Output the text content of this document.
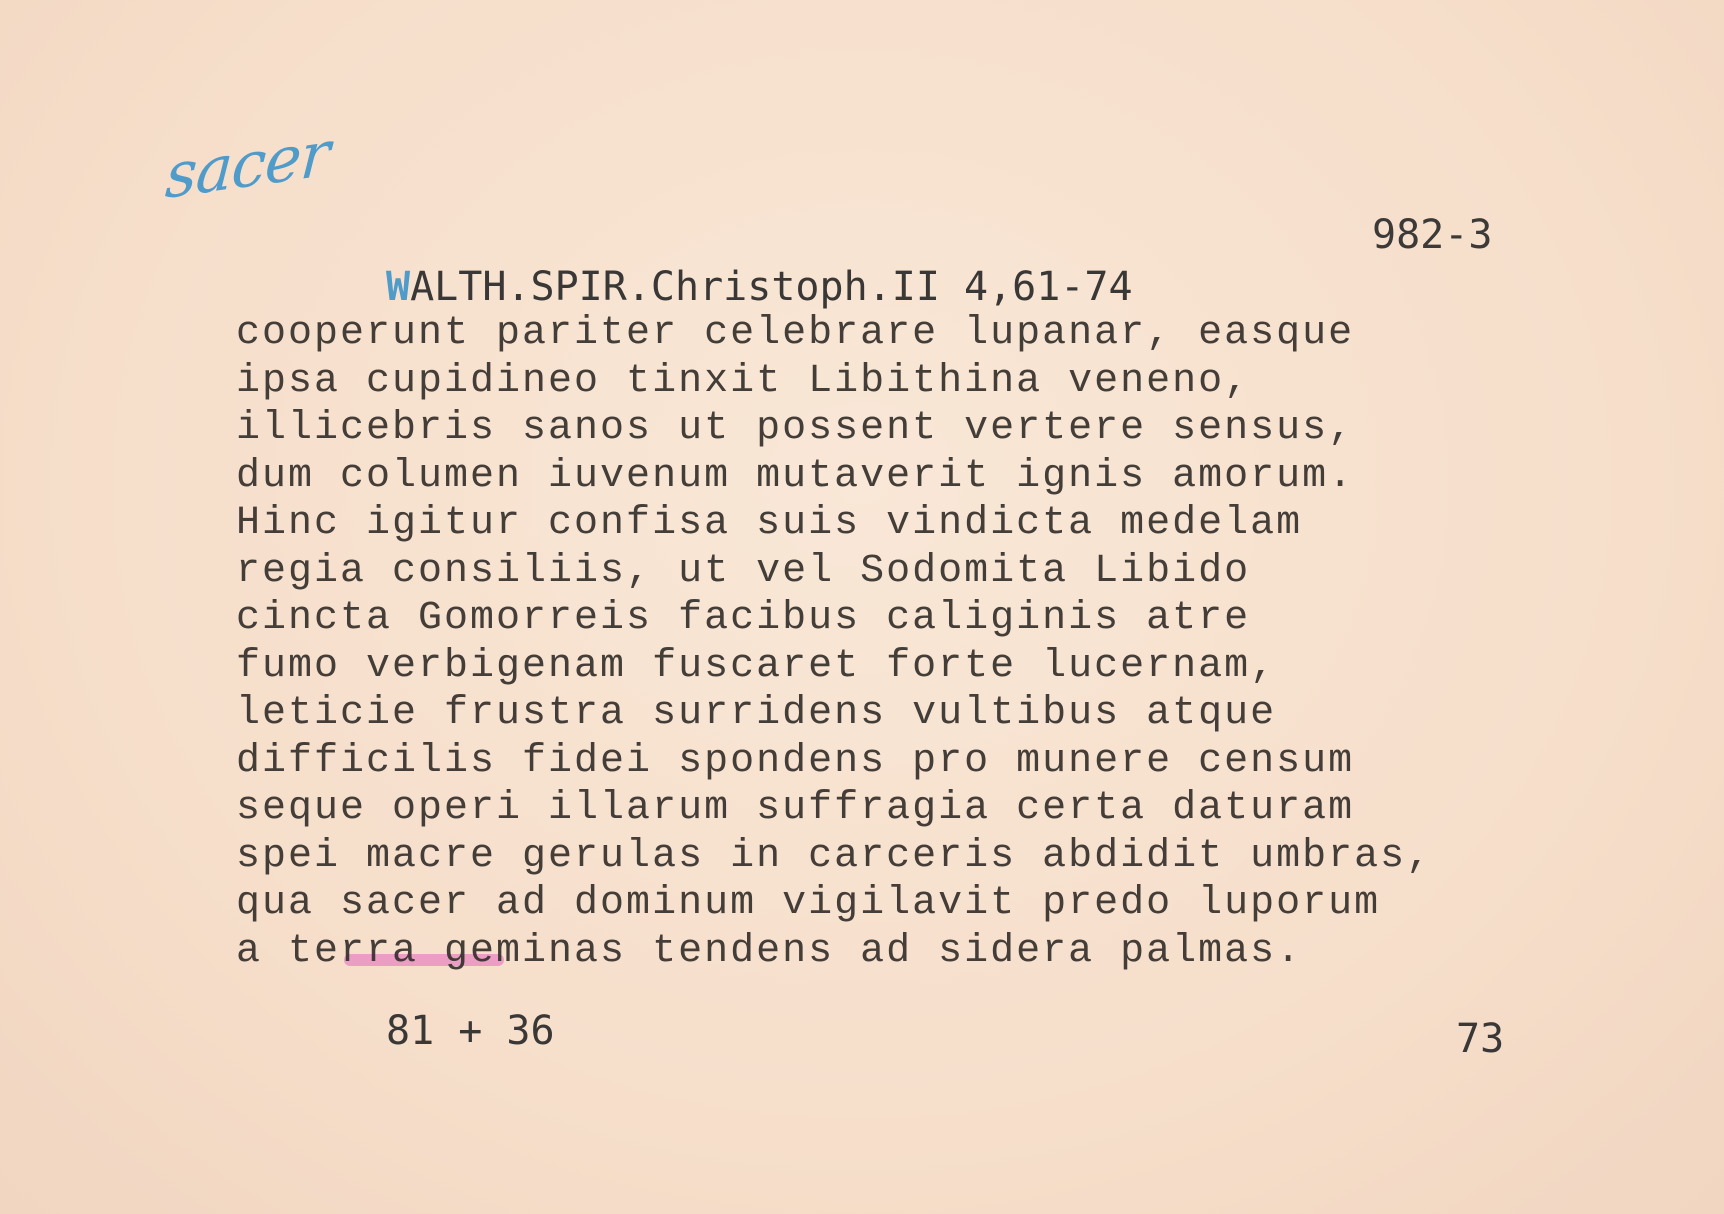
sacer
982-3
WALTH.SPIR.Christoph.II 4,61-74
cooperunt pariter celebrare lupanar, easque
ipsa cupidineo tinxit Libithina veneno,
illicebris sanos ut possent vertere sensus,
dum columen iuvenum mutaverit ignis amorum.
Hinc igitur confisa suis vindicta medelam
regia consiliis, ut vel Sodomita Libido
cincta Gomorreis facibus caliginis atre
fumo verbigenam fuscaret forte lucernam,
leticie frustra surridens vultibus atque
difficilis fidei spondens pro munere censum
seque operi illarum suffragia certa daturam
spei macre gerulas in carceris abdidit umbras,
qua sacer ad dominum vigilavit predo luporum
a terra geminas tendens ad sidera palmas.
81 + 36	73
